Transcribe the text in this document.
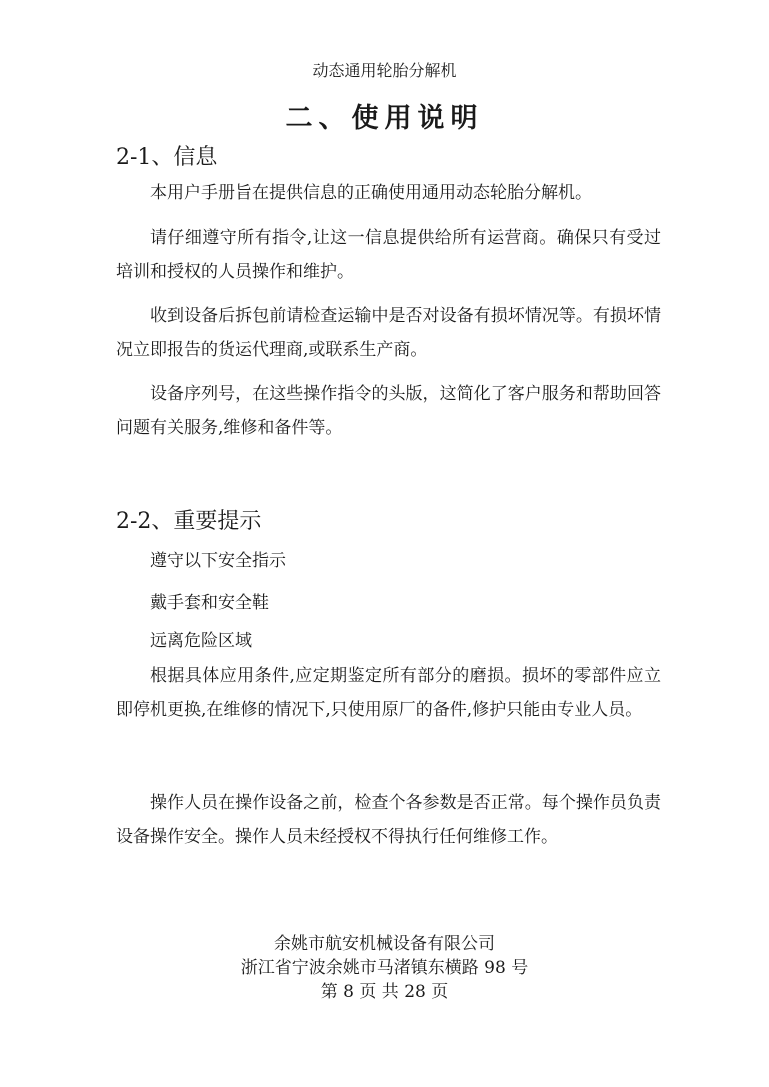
动态通用轮胎分解机
二、使用说明
2-1、信息
本用户手册旨在提供信息的正确使用通用动态轮胎分解机。
请仔细遵守所有指令,让这一信息提供给所有运营商。确保只有受过培训和授权的人员操作和维护。
收到设备后拆包前请检查运输中是否对设备有损坏情况等。有损坏情况立即报告的货运代理商,或联系生产商。
设备序列号，在这些操作指令的头版，这简化了客户服务和帮助回答问题有关服务,维修和备件等。
2-2、重要提示
遵守以下安全指示
戴手套和安全鞋
远离危险区域
根据具体应用条件,应定期鉴定所有部分的磨损。损坏的零部件应立即停机更换,在维修的情况下,只使用原厂的备件,修护只能由专业人员。
操作人员在操作设备之前，检查个各参数是否正常。每个操作员负责设备操作安全。操作人员未经授权不得执行任何维修工作。
余姚市航安机械设备有限公司
浙江省宁波余姚市马渚镇东横路 98 号
第 8 页 共 28 页
